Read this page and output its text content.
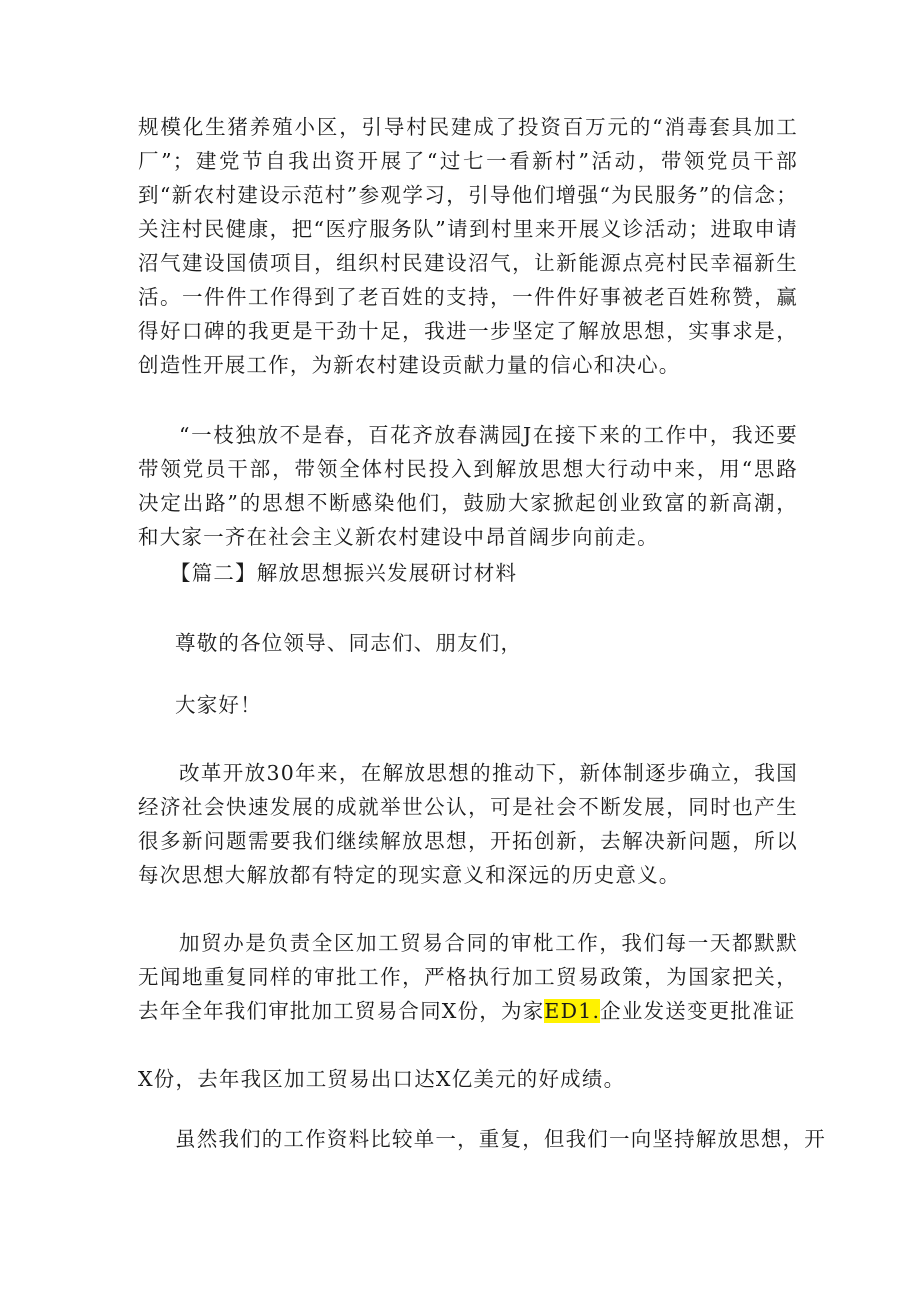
规模化生猪养殖小区，引导村民建成了投资百万元的“消毒套具加工厂”；建党节自我出资开展了“过七一看新村”活动，带领党员干部到“新农村建设示范村”参观学习，引导他们增强“为民服务”的信念；关注村民健康，把“医疗服务队”请到村里来开展义诊活动；进取申请沼气建设国债项目，组织村民建设沼气，让新能源点亮村民幸福新生活。一件件工作得到了老百姓的支持，一件件好事被老百姓称赞，赢得好口碑的我更是干劲十足，我进一步坚定了解放思想，实事求是，创造性开展工作，为新农村建设贡献力量的信心和决心。

“一枝独放不是春，百花齐放春满园J在接下来的工作中，我还要带领党员干部，带领全体村民投入到解放思想大行动中来，用“思路决定出路”的思想不断感染他们，鼓励大家掀起创业致富的新高潮，和大家一齐在社会主义新农村建设中昂首阔步向前走。

【篇二】解放思想振兴发展研讨材料

尊敬的各位领导、同志们、朋友们，

大家好！

改革开放30年来，在解放思想的推动下，新体制逐步确立，我国经济社会快速发展的成就举世公认，可是社会不断发展，同时也产生很多新问题需要我们继续解放思想，开拓创新，去解决新问题，所以每次思想大解放都有特定的现实意义和深远的历史意义。

加贸办是负责全区加工贸易合同的审枇工作，我们每一天都默默无闻地重复同样的审批工作，严格执行加工贸易政策，为国家把关，去年全年我们审批加工贸易合同X份，为家ED1.企业发送变更批准证

X份，去年我区加工贸易出口达X亿美元的好成绩。

虽然我们的工作资料比较单一，重复，但我们一向坚持解放思想，开
